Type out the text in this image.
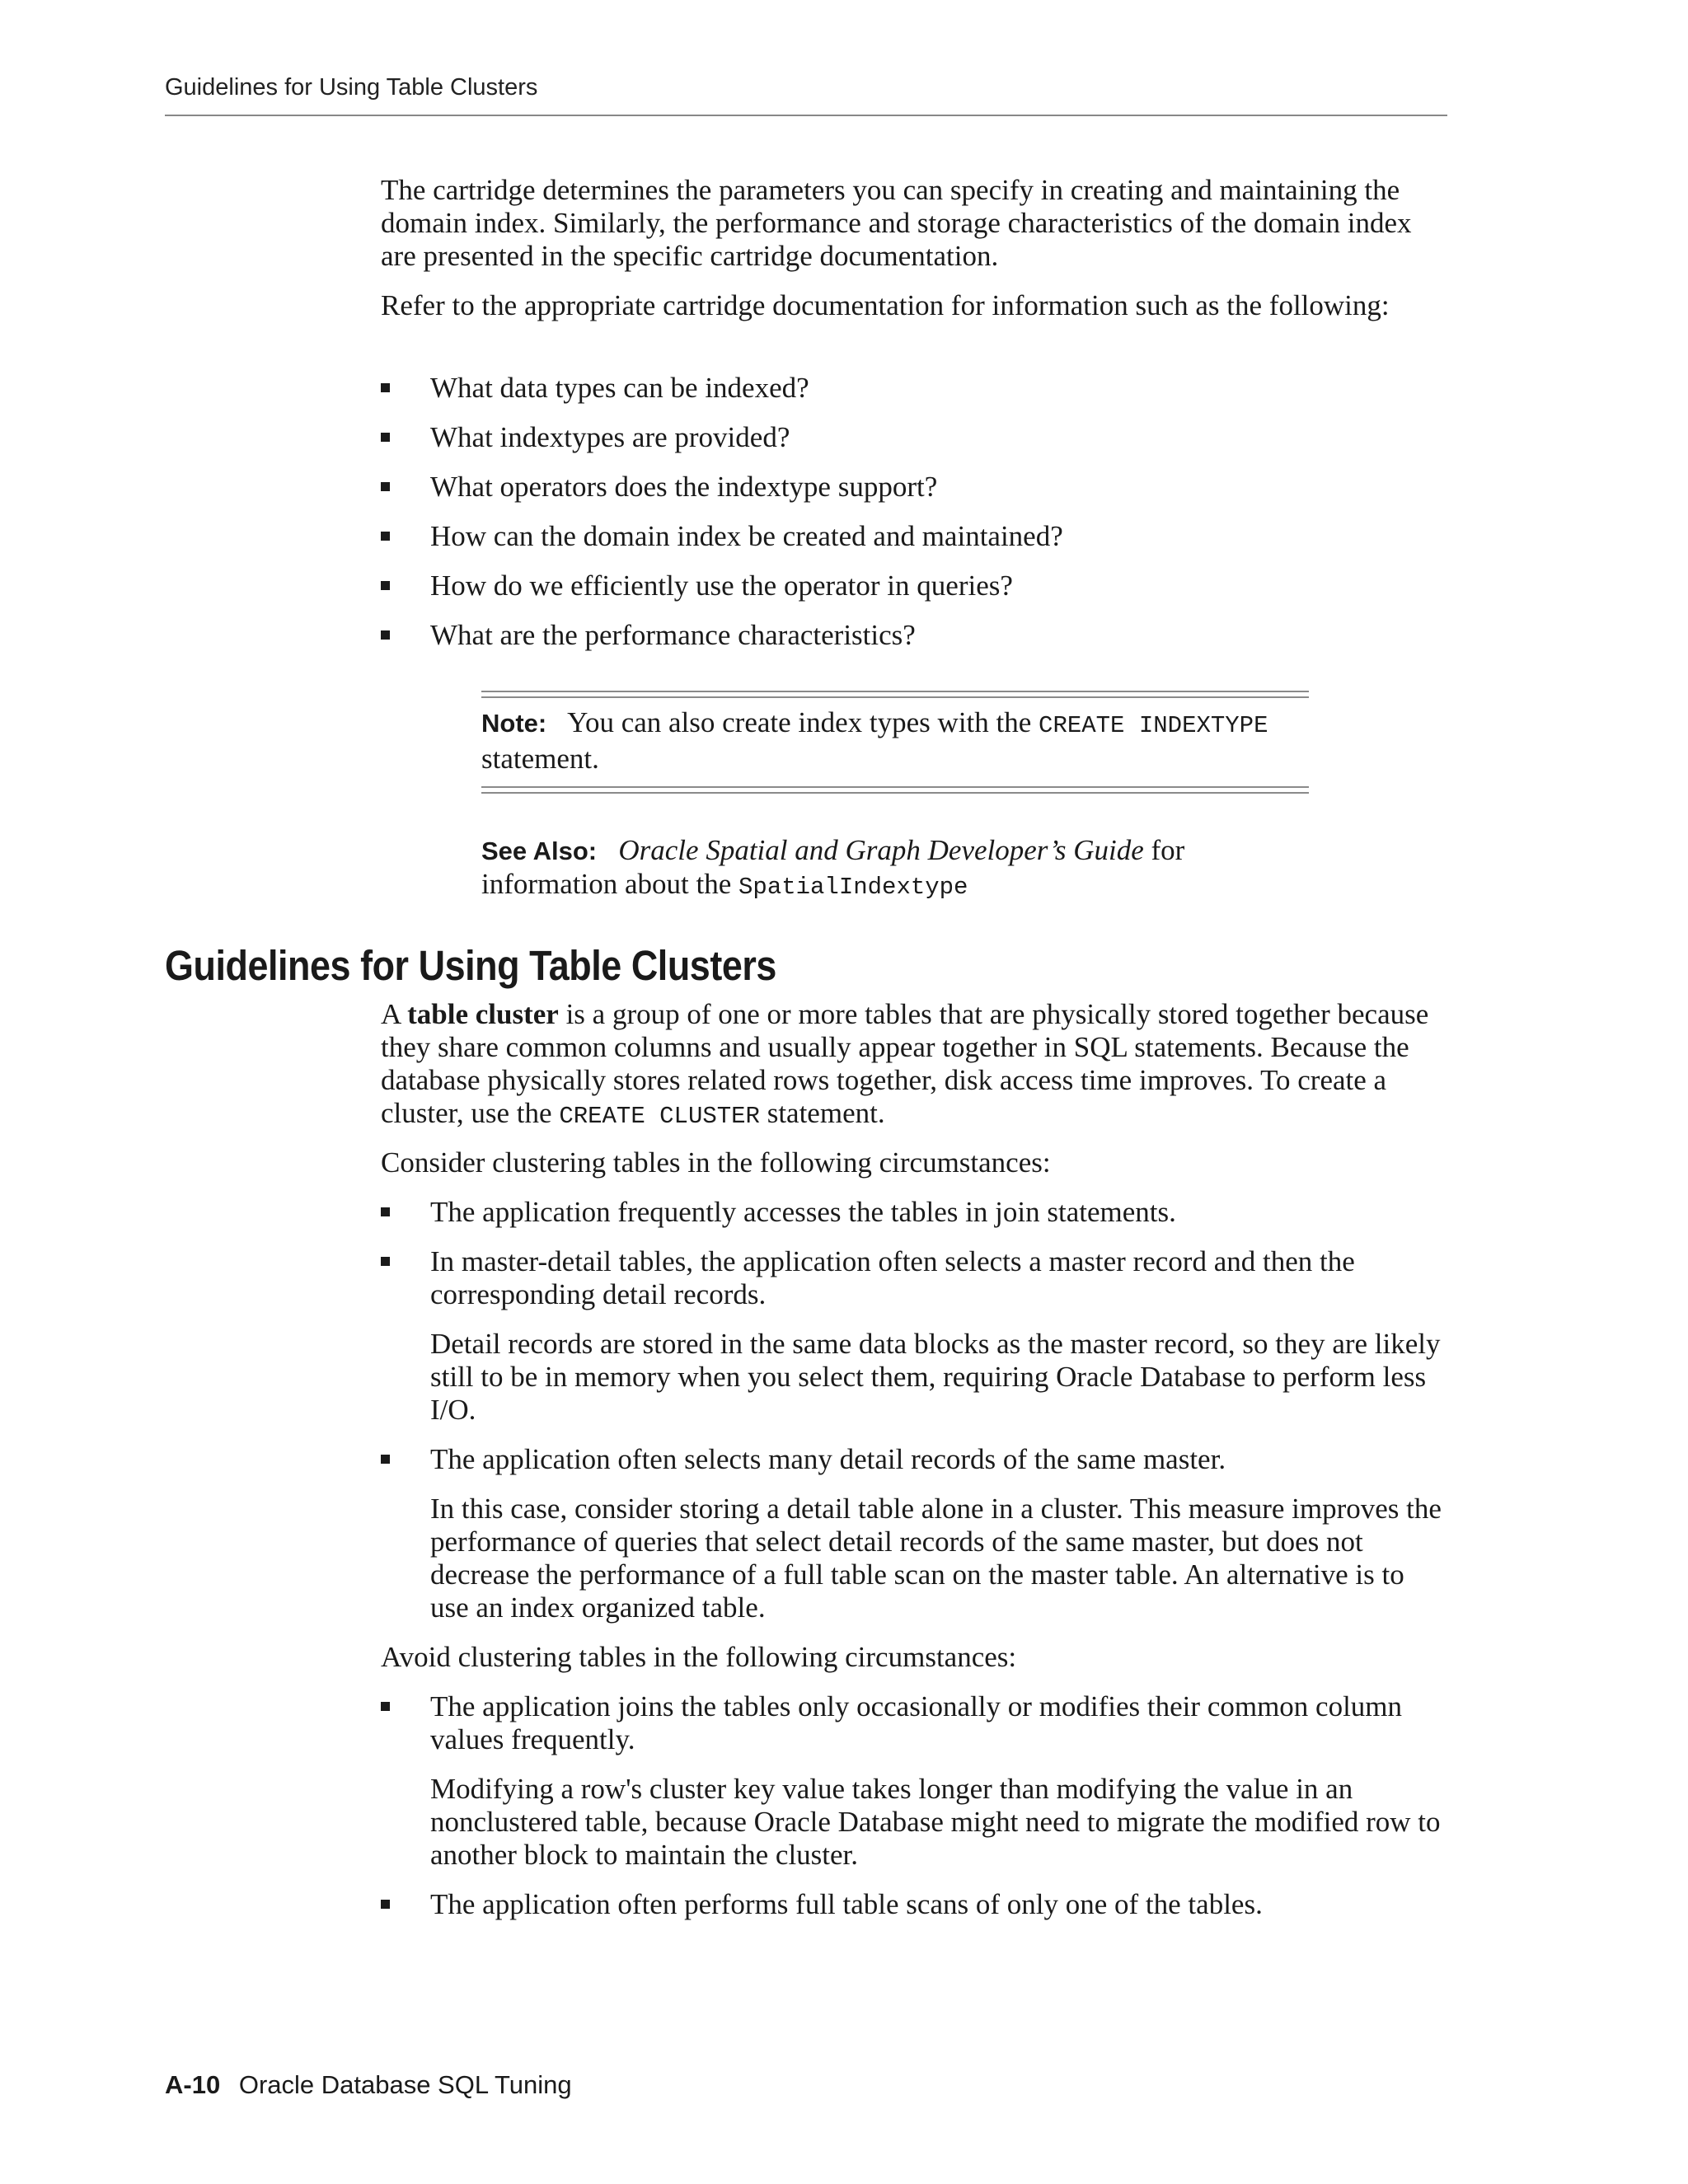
Guidelines for Using Table Clusters

The cartridge determines the parameters you can specify in creating and maintaining the domain index. Similarly, the performance and storage characteristics of the domain index are presented in the specific cartridge documentation.

Refer to the appropriate cartridge documentation for information such as the following:

What data types can be indexed?
What indextypes are provided?
What operators does the indextype support?
How can the domain index be created and maintained?
How do we efficiently use the operator in queries?
What are the performance characteristics?
Note: You can also create index types with the CREATE INDEXTYPE
statement.
See Also: Oracle Spatial and Graph Developer’s Guide for
information about the SpatialIndextype
Guidelines for Using Table Clusters

A table cluster is a group of one or more tables that are physically stored together because they share common columns and usually appear together in SQL statements. Because the database physically stores related rows together, disk access time improves. To create a cluster, use the CREATE CLUSTER statement.

Consider clustering tables in the following circumstances:

The application frequently accesses the tables in join statements.
In master-detail tables, the application often selects a master record and then the corresponding detail records.

Detail records are stored in the same data blocks as the master record, so they are likely still to be in memory when you select them, requiring Oracle Database to perform less I/O.

The application often selects many detail records of the same master.

In this case, consider storing a detail table alone in a cluster. This measure improves the performance of queries that select detail records of the same master, but does not decrease the performance of a full table scan on the master table. An alternative is to use an index organized table.

Avoid clustering tables in the following circumstances:

The application joins the tables only occasionally or modifies their common column values frequently.

Modifying a row's cluster key value takes longer than modifying the value in an nonclustered table, because Oracle Database might need to migrate the modified row to another block to maintain the cluster.

The application often performs full table scans of only one of the tables.
A-10 Oracle Database SQL Tuning
